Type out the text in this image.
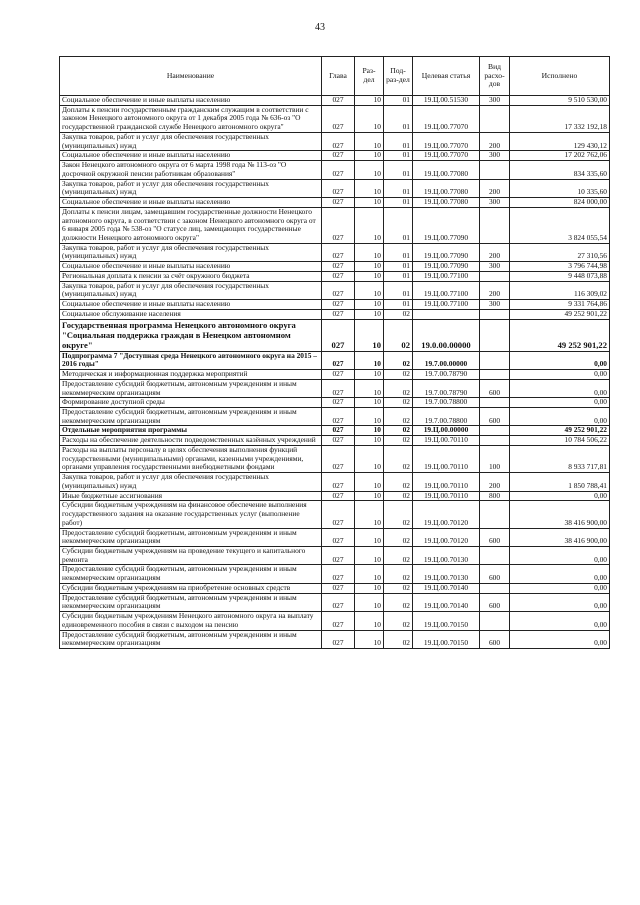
43
Наименование	Глава	Раз-дел	Под-раз-дел	Целевая статья	Вид расхо-дов	Исполнено
Социальное обеспечение и иные выплаты населению	027	10	01	19.Ц.00.51530	300	9 510 530,00
Доплаты к пенсии государственным гражданским служащим в соответствии с законом Ненецкого автономного округа от 1 декабря 2005 года № 636-оз "О государственной гражданской службе Ненецкого автономного округа"	027	10	01	19.Ц.00.77070		17 332 192,18
Закупка товаров, работ и услуг для обеспечения государственных (муниципальных) нужд	027	10	01	19.Ц.00.77070	200	129 430,12
Социальное обеспечение и иные выплаты населению	027	10	01	19.Ц.00.77070	300	17 202 762,06
Закон Ненецкого автономного округа от 6 марта 1998 года № 113-оз "О досрочной окружной пенсии работникам образования"	027	10	01	19.Ц.00.77080		834 335,60
Закупка товаров, работ и услуг для обеспечения государственных (муниципальных) нужд	027	10	01	19.Ц.00.77080	200	10 335,60
Социальное обеспечение и иные выплаты населению	027	10	01	19.Ц.00.77080	300	824 000,00
Доплаты к пенсии лицам, замещавшим государственные должности Ненецкого автономного округа, в соответствии с законом Ненецкого автономного округа от 6 января 2005 года № 538-оз "О статусе лиц, замещающих государственные должности Ненецкого автономного округа"	027	10	01	19.Ц.00.77090		3 824 055,54
Закупка товаров, работ и услуг для обеспечения государственных (муниципальных) нужд	027	10	01	19.Ц.00.77090	200	27 310,56
Социальное обеспечение и иные выплаты населению	027	10	01	19.Ц.00.77090	300	3 796 744,98
Региональная доплата к пенсии за счёт окружного бюджета	027	10	01	19.Ц.00.77100		9 448 073,88
Закупка товаров, работ и услуг для обеспечения государственных (муниципальных) нужд	027	10	01	19.Ц.00.77100	200	116 309,02
Социальное обеспечение и иные выплаты населению	027	10	01	19.Ц.00.77100	300	9 331 764,86
Социальное обслуживание населения	027	10	02			49 252 901,22
Государственная программа Ненецкого автономного округа "Социальная поддержка граждан в Ненецком автономном округе"	027	10	02	19.0.00.00000		49 252 901,22
Подпрограмма 7 "Доступная среда Ненецкого автономного округа на 2015 – 2016 годы"	027	10	02	19.7.00.00000		0,00
Методическая и информационная поддержка мероприятий	027	10	02	19.7.00.78790		0,00
Предоставление субсидий бюджетным, автономным учреждениям и иным некоммерческим организациям	027	10	02	19.7.00.78790	600	0,00
Формирование доступной среды	027	10	02	19.7.00.78800		0,00
Предоставление субсидий бюджетным, автономным учреждениям и иным некоммерческим организациям	027	10	02	19.7.00.78800	600	0,00
Отдельные мероприятия программы	027	10	02	19.Ц.00.00000		49 252 901,22
Расходы на обеспечение деятельности подведомственных казённых учреждений	027	10	02	19.Ц.00.70110		10 784 506,22
Расходы на выплаты персоналу в целях обеспечения выполнения функций государственными (муниципальными) органами, казенными учреждениями, органами управления государственными внебюджетными фондами	027	10	02	19.Ц.00.70110	100	8 933 717,81
Закупка товаров, работ и услуг для обеспечения государственных (муниципальных) нужд	027	10	02	19.Ц.00.70110	200	1 850 788,41
Иные бюджетные ассигнования	027	10	02	19.Ц.00.70110	800	0,00
Субсидии бюджетным учреждениям на финансовое обеспечение выполнения государственного задания на оказание государственных услуг (выполнение работ)	027	10	02	19.Ц.00.70120		38 416 900,00
Предоставление субсидий бюджетным, автономным учреждениям и иным некоммерческим организациям	027	10	02	19.Ц.00.70120	600	38 416 900,00
Субсидии бюджетным учреждениям на проведение текущего и капитального ремонта	027	10	02	19.Ц.00.70130		0,00
Предоставление субсидий бюджетным, автономным учреждениям и иным некоммерческим организациям	027	10	02	19.Ц.00.70130	600	0,00
Субсидии бюджетным учреждениям на приобретение основных средств	027	10	02	19.Ц.00.70140		0,00
Предоставление субсидий бюджетным, автономным учреждениям и иным некоммерческим организациям	027	10	02	19.Ц.00.70140	600	0,00
Субсидии бюджетным учреждениям Ненецкого автономного округа на выплату единовременного пособия в связи с выходом на пенсию	027	10	02	19.Ц.00.70150		0,00
Предоставление субсидий бюджетным, автономным учреждениям и иным некоммерческим организациям	027	10	02	19.Ц.00.70150	600	0,00
